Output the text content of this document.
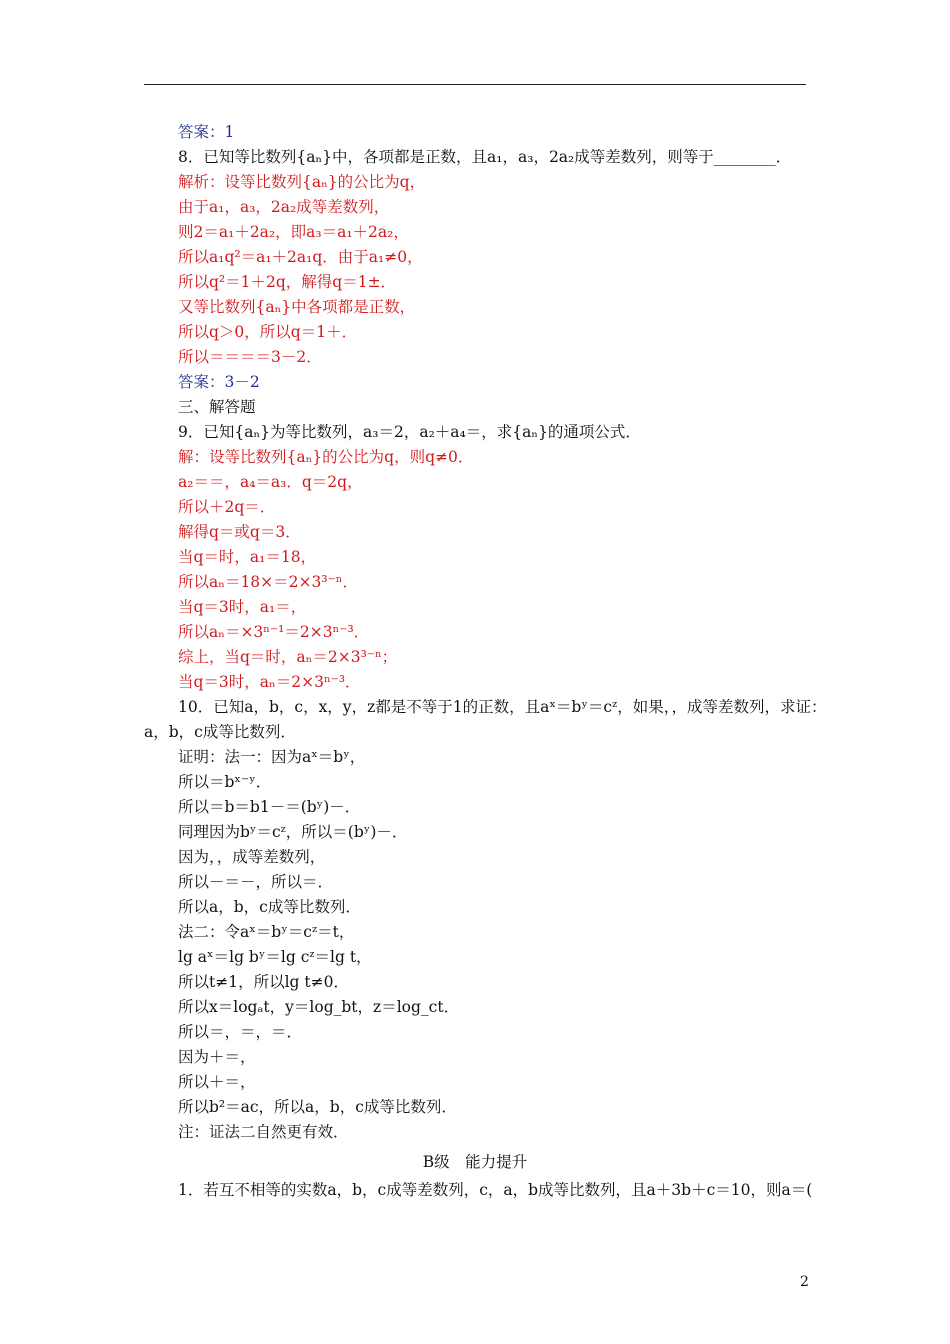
答案：1
8．已知等比数列{aₙ}中，各项都是正数，且a₁，a₃，2a₂成等差数列，则等于________．
解析：设等比数列{aₙ}的公比为q，
由于a₁，a₃，2a₂成等差数列，
则2＝a₁＋2a₂，即a₃＝a₁＋2a₂，
所以a₁q²＝a₁＋2a₁q．由于a₁≠0，
所以q²＝1＋2q，解得q＝1±．
又等比数列{aₙ}中各项都是正数，
所以q＞0，所以q＝1＋．
所以＝＝＝＝3－2．
答案：3－2
三、解答题
9．已知{aₙ}为等比数列，a₃＝2，a₂＋a₄＝，求{aₙ}的通项公式．
解：设等比数列{aₙ}的公比为q，则q≠0．
a₂＝＝，a₄＝a₃．q＝2q，
所以＋2q＝．
解得q＝或q＝3．
当q＝时，a₁＝18，
所以aₙ＝18×＝2×3³⁻ⁿ．
当q＝3时，a₁＝，
所以aₙ＝×3ⁿ⁻¹＝2×3ⁿ⁻³．
综上，当q＝时，aₙ＝2×3³⁻ⁿ；
当q＝3时，aₙ＝2×3ⁿ⁻³．
10．已知a，b，c，x，y，z都是不等于1的正数，且aˣ＝bʸ＝cᶻ，如果，，成等差数列，求证：
a，b，c成等比数列．
证明：法一：因为aˣ＝bʸ，
所以＝bˣ⁻ʸ．
所以＝b＝b1－＝(bʸ)－．
同理因为bʸ＝cᶻ，所以＝(bʸ)－．
因为，，成等差数列，
所以－＝－，所以＝．
所以a，b，c成等比数列．
法二：令aˣ＝bʸ＝cᶻ＝t，
lg aˣ＝lg bʸ＝lg cᶻ＝lg t，
所以t≠1，所以lg t≠0．
所以x＝logₐt，y＝log_bt，z＝log_ct．
所以＝，＝，＝．
因为＋＝，
所以＋＝，
所以b²＝ac，所以a，b，c成等比数列．
注：证法二自然更有效．
B级　能力提升
1．若互不相等的实数a，b，c成等差数列，c，a，b成等比数列，且a＋3b＋c＝10，则a＝(
2
